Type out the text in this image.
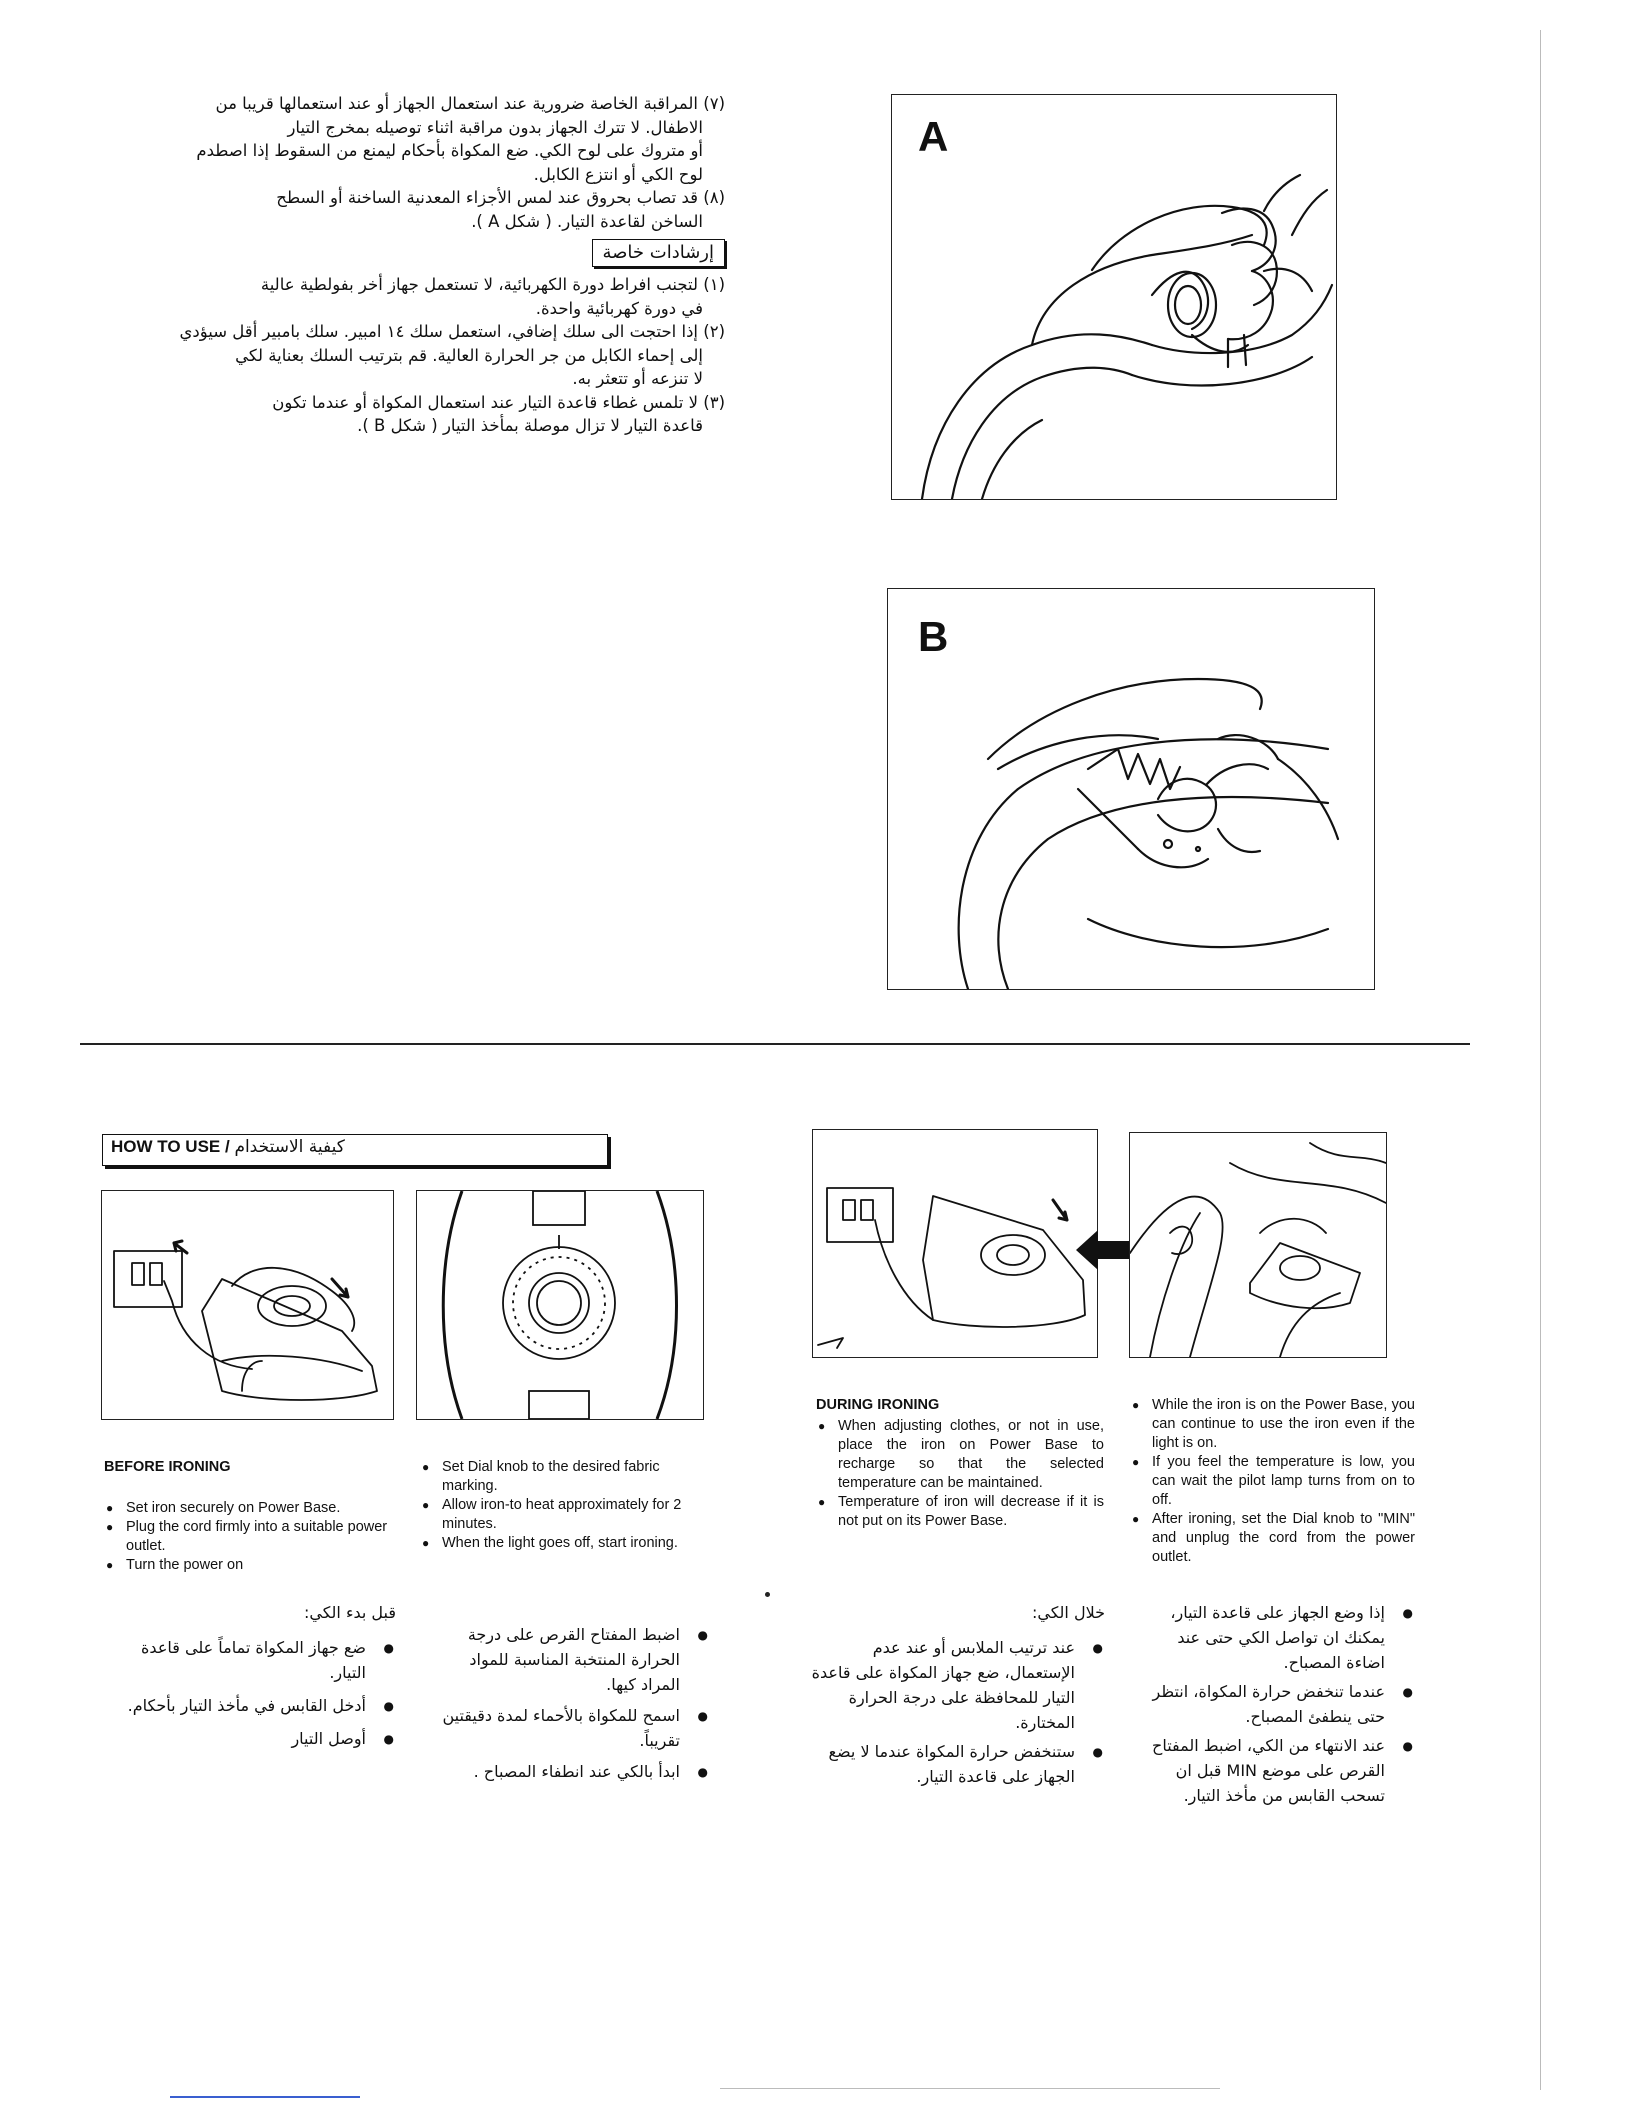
(٧) المراقبة الخاصة ضرورية عند استعمال الجهاز أو عند استعمالها قريبا من

الاطفال. لا تترك الجهاز بدون مراقبة اثناء توصيله بمخرج التيار

أو متروك على لوح الكي. ضع المكواة بأحكام ليمنع من السقوط إذا اصطدم

لوح الكي أو انتزع الكابل.

(٨) قد تصاب بحروق عند لمس الأجزاء المعدنية الساخنة أو السطح

الساخن لقاعدة التيار. ( شكل A ).

إرشادات خاصة

(١) لتجنب افراط دورة الكهربائية، لا تستعمل جهاز أخر بفولطية عالية

في دورة كهربائية واحدة.

(٢) إذا احتجت الى سلك إضافي، استعمل سلك ١٤ امبير. سلك بامبير أقل سيؤدي

إلى إحماء الكابل من جر الحرارة العالية. قم بترتيب السلك بعناية لكي

لا تنزعه أو تتعثر به.

(٣) لا تلمس غطاء قاعدة التيار عند استعمال المكواة أو عندما تكون

قاعدة التيار لا تزال موصلة بمأخذ التيار ( شكل B ).

A
B
HOW TO USE / كيفية الاستخدام
BEFORE IRONING
● Set iron securely on Power Base.
● Plug the cord firmly into a suitable power outlet.
● Turn the power on
● Set Dial knob to the desired fabric marking.
● Allow iron-to heat approximately for 2 minutes.
● When the light goes off, start ironing.
DURING IRONING
● When adjusting clothes, or not in use, place the iron on Power Base to recharge so that the selected temperature can be maintained.
● Temperature of iron will decrease if it is not put on its Power Base.
● While the iron is on the Power Base, you can continue to use the iron even if the light is on.
● If you feel the temperature is low, you can wait the pilot lamp turns from on to off.
● After ironing, set the Dial knob to "MIN" and unplug the cord from the power outlet.
قبل بدء الكي:
● ضع جهاز المكواة تماماً على قاعدة التيار.
● أدخل القابس في مأخذ التيار بأحكام.
● أوصل التيار
● اضبط المفتاح القرص على درجة الحرارة المنتخبة المناسبة للمواد المراد كيها.
● اسمح للمكواة بالأحماء لمدة دقيقتين تقريباً.
● ابدأ بالكي عند انطفاء المصباح .
خلال الكي:
● عند ترتيب الملابس أو عند عدم الإستعمال، ضع جهاز المكواة على قاعدة التيار للمحافظة على درجة الحرارة المختارة.
● ستنخفض حرارة المكواة عندما لا يضع الجهاز على قاعدة التيار.
● إذا وضع الجهاز على قاعدة التيار، يمكنك ان تواصل الكي حتى عند اضاءة المصباح.
● عندما تنخفض حرارة المكواة، انتظر حتى ينطفئ المصباح.
● عند الانتهاء من الكي، اضبط المفتاح القرص على موضع MIN قبل ان تسحب القابس من مأخذ التيار.
